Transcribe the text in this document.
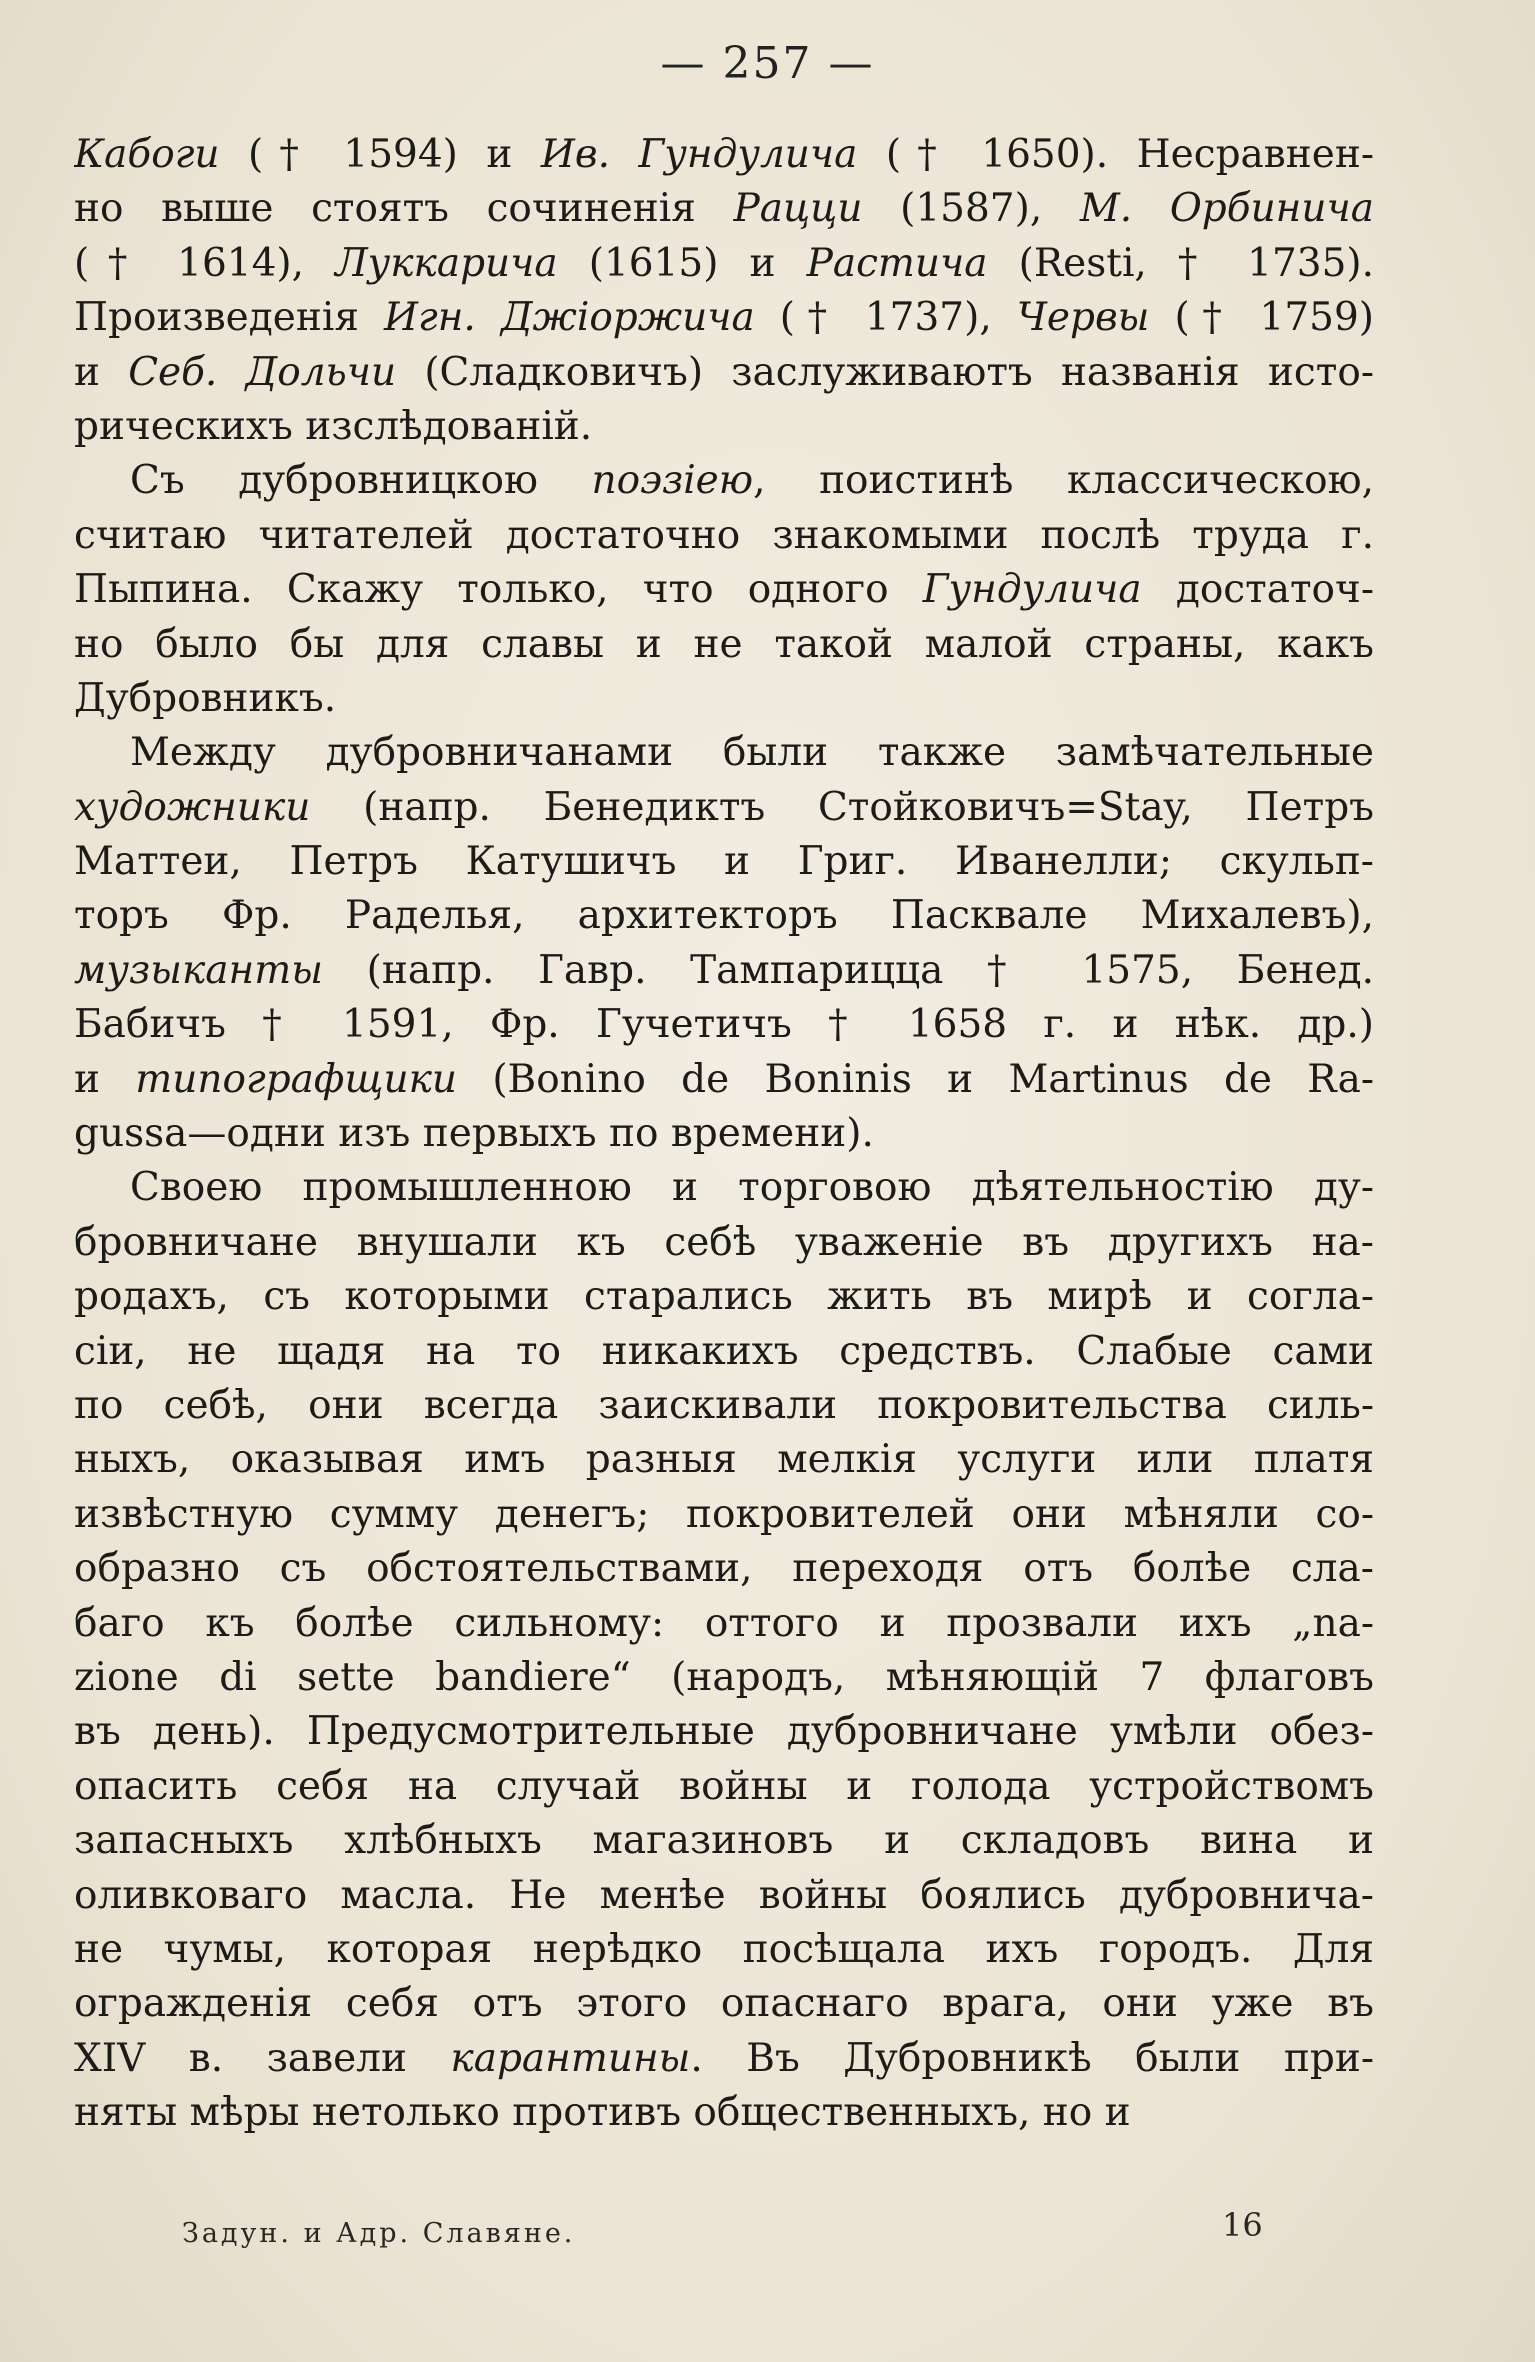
— 257 —
Кабоги († 1594) и Ив. Гундулича († 1650). Несравнен-
но выше стоятъ сочиненія Рацци (1587), М. Орбинича
(† 1614), Луккарича (1615) и Растича (Resti, † 1735).
Произведенія Игн. Джіоржича († 1737), Червы († 1759)
и Себ. Дольчи (Сладковичъ) заслуживаютъ названія исто-
рическихъ изслѣдованій.
Съ дубровницкою поэзіею, поистинѣ классическою,
считаю читателей достаточно знакомыми послѣ труда г.
Пыпина. Скажу только, что одного Гундулича достаточ-
но было бы для славы и не такой малой страны, какъ
Дубровникъ.
Между дубровничанами были также замѣчательные
художники (напр. Бенедиктъ Стойковичъ=Stay, Петръ
Маттеи, Петръ Катушичъ и Григ. Иванелли; скульп-
торъ Фр. Раделья, архитекторъ Пасквале Михалевъ),
музыканты (напр. Гавр. Тампарицца † 1575, Бенед.
Бабичъ † 1591, Фр. Гучетичъ † 1658 г. и нѣк. др.)
и типографщики (Bonino de Boninis и Martinus de Ra-
gussa—одни изъ первыхъ по времени).
Своею промышленною и торговою дѣятельностію ду-
бровничане внушали къ себѣ уваженіе въ другихъ на-
родахъ, съ которыми старались жить въ мирѣ и согла-
сіи, не щадя на то никакихъ средствъ. Слабые сами
по себѣ, они всегда заискивали покровительства силь-
ныхъ, оказывая имъ разныя мелкія услуги или платя
извѣстную сумму денегъ; покровителей они мѣняли со-
образно съ обстоятельствами, переходя отъ болѣе сла-
баго къ болѣе сильному: оттого и прозвали ихъ „na-
zione di sette bandiere“ (народъ, мѣняющій 7 флаговъ
въ день). Предусмотрительные дубровничане умѣли обез-
опасить себя на случай войны и голода устройствомъ
запасныхъ хлѣбныхъ магазиновъ и складовъ вина и
оливковаго масла. Не менѣе войны боялись дубровнича-
не чумы, которая нерѣдко посѣщала ихъ городъ. Для
огражденія себя отъ этого опаснаго врага, они уже въ
XIV в. завели карантины. Въ Дубровникѣ были при-
няты мѣры нетолько противъ общественныхъ, но и
Задун. и Адр. Славяне.	16
